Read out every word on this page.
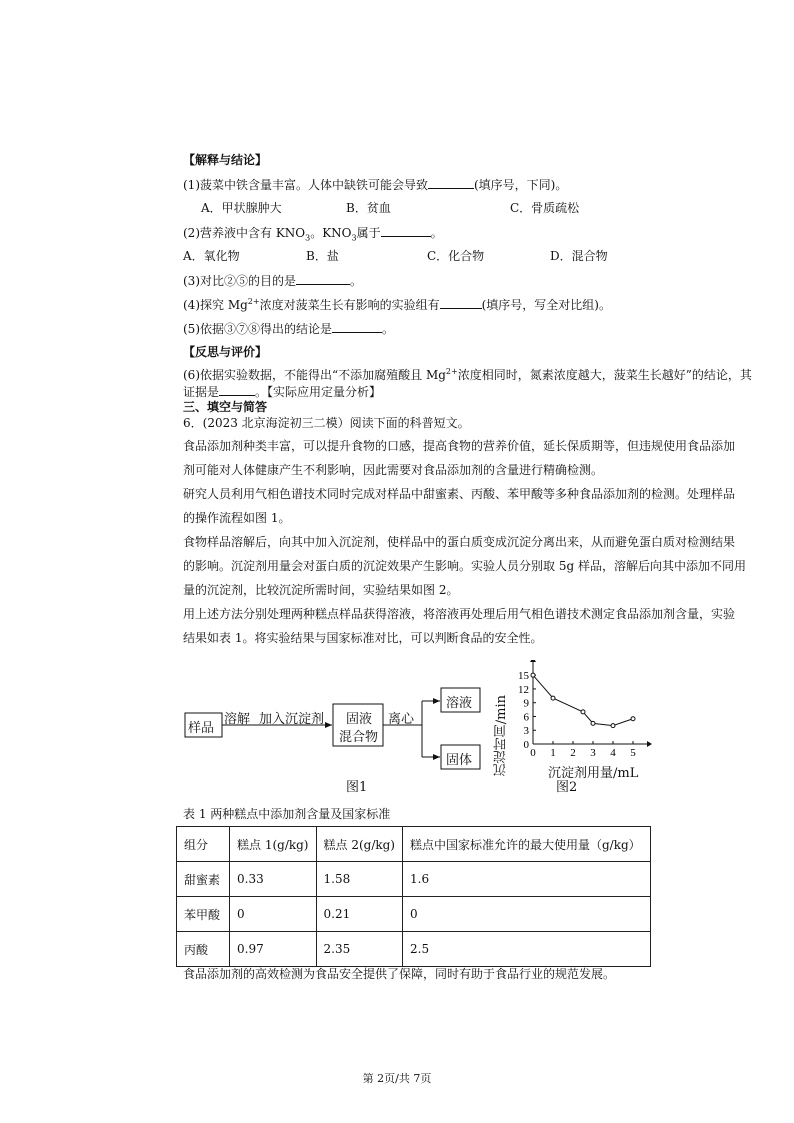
【解释与结论】
(1)菠菜中铁含量丰富。人体中缺铁可能会导致	(填序号，下同)。
A．甲状腺肿大	B．贫血	C．骨质疏松
(2)营养液中含有 $KNO_3$。$KNO_3$属于	。
A．氧化物	B．盐	C．化合物	D．混合物
(3)对比②⑤的目的是	。
(4)探究 $Mg^{2+}$浓度对菠菜生长有影响的实验组有	(填序号，写全对比组)。
(5)依据③⑦⑧得出的结论是	。
【反思与评价】
(6)依据实验数据，不能得出“不添加腐殖酸且 $Mg^{2+}$浓度相同时，氮素浓度越大，菠菜生长越好”的结论，其
证据是	。【实际应用定量分析】
三、填空与简答
6．(2023 北京海淀初三二模）阅读下面的科普短文。
食品添加剂种类丰富，可以提升食物的口感，提高食物的营养价值，延长保质期等，但违规使用食品添加
剂可能对人体健康产生不利影响，因此需要对食品添加剂的含量进行精确检测。
研究人员利用气相色谱技术同时完成对样品中甜蜜素、丙酸、苯甲酸等多种食品添加剂的检测。处理样品
的操作流程如图 1。
食物样品溶解后，向其中加入沉淀剂，使样品中的蛋白质变成沉淀分离出来，从而避免蛋白质对检测结果
的影响。沉淀剂用量会对蛋白质的沉淀效果产生影响。实验人员分别取 5g 样品，溶解后向其中添加不同用
量的沉淀剂，比较沉淀所需时间，实验结果如图 2。
用上述方法分别处理两种糕点样品获得溶液，将溶液再处理后用气相色谱技术测定食品添加剂含量，实验
结果如表 1。将实验结果与国家标准对比，可以判断食品的安全性。
样品
溶解 加入沉淀剂 固液
混合物
离心
溶液
固体
图1
0 1 2 3 4 5
0
3
6
9
12
15
沉淀时间/min	沉淀剂用量/mL
图2
表 1 两种糕点中添加剂含量及国家标准
组分	糕点 1(g/kg)	糕点 2(g/kg)	糕点中国家标准允许的最大使用量（g/kg）
甜蜜素	0.33	1.58	1.6
苯甲酸	0	0.21	0
丙酸	0.97	2.35	2.5
食品添加剂的高效检测为食品安全提供了保障，同时有助于食品行业的规范发展。
第 2页/共 7页
